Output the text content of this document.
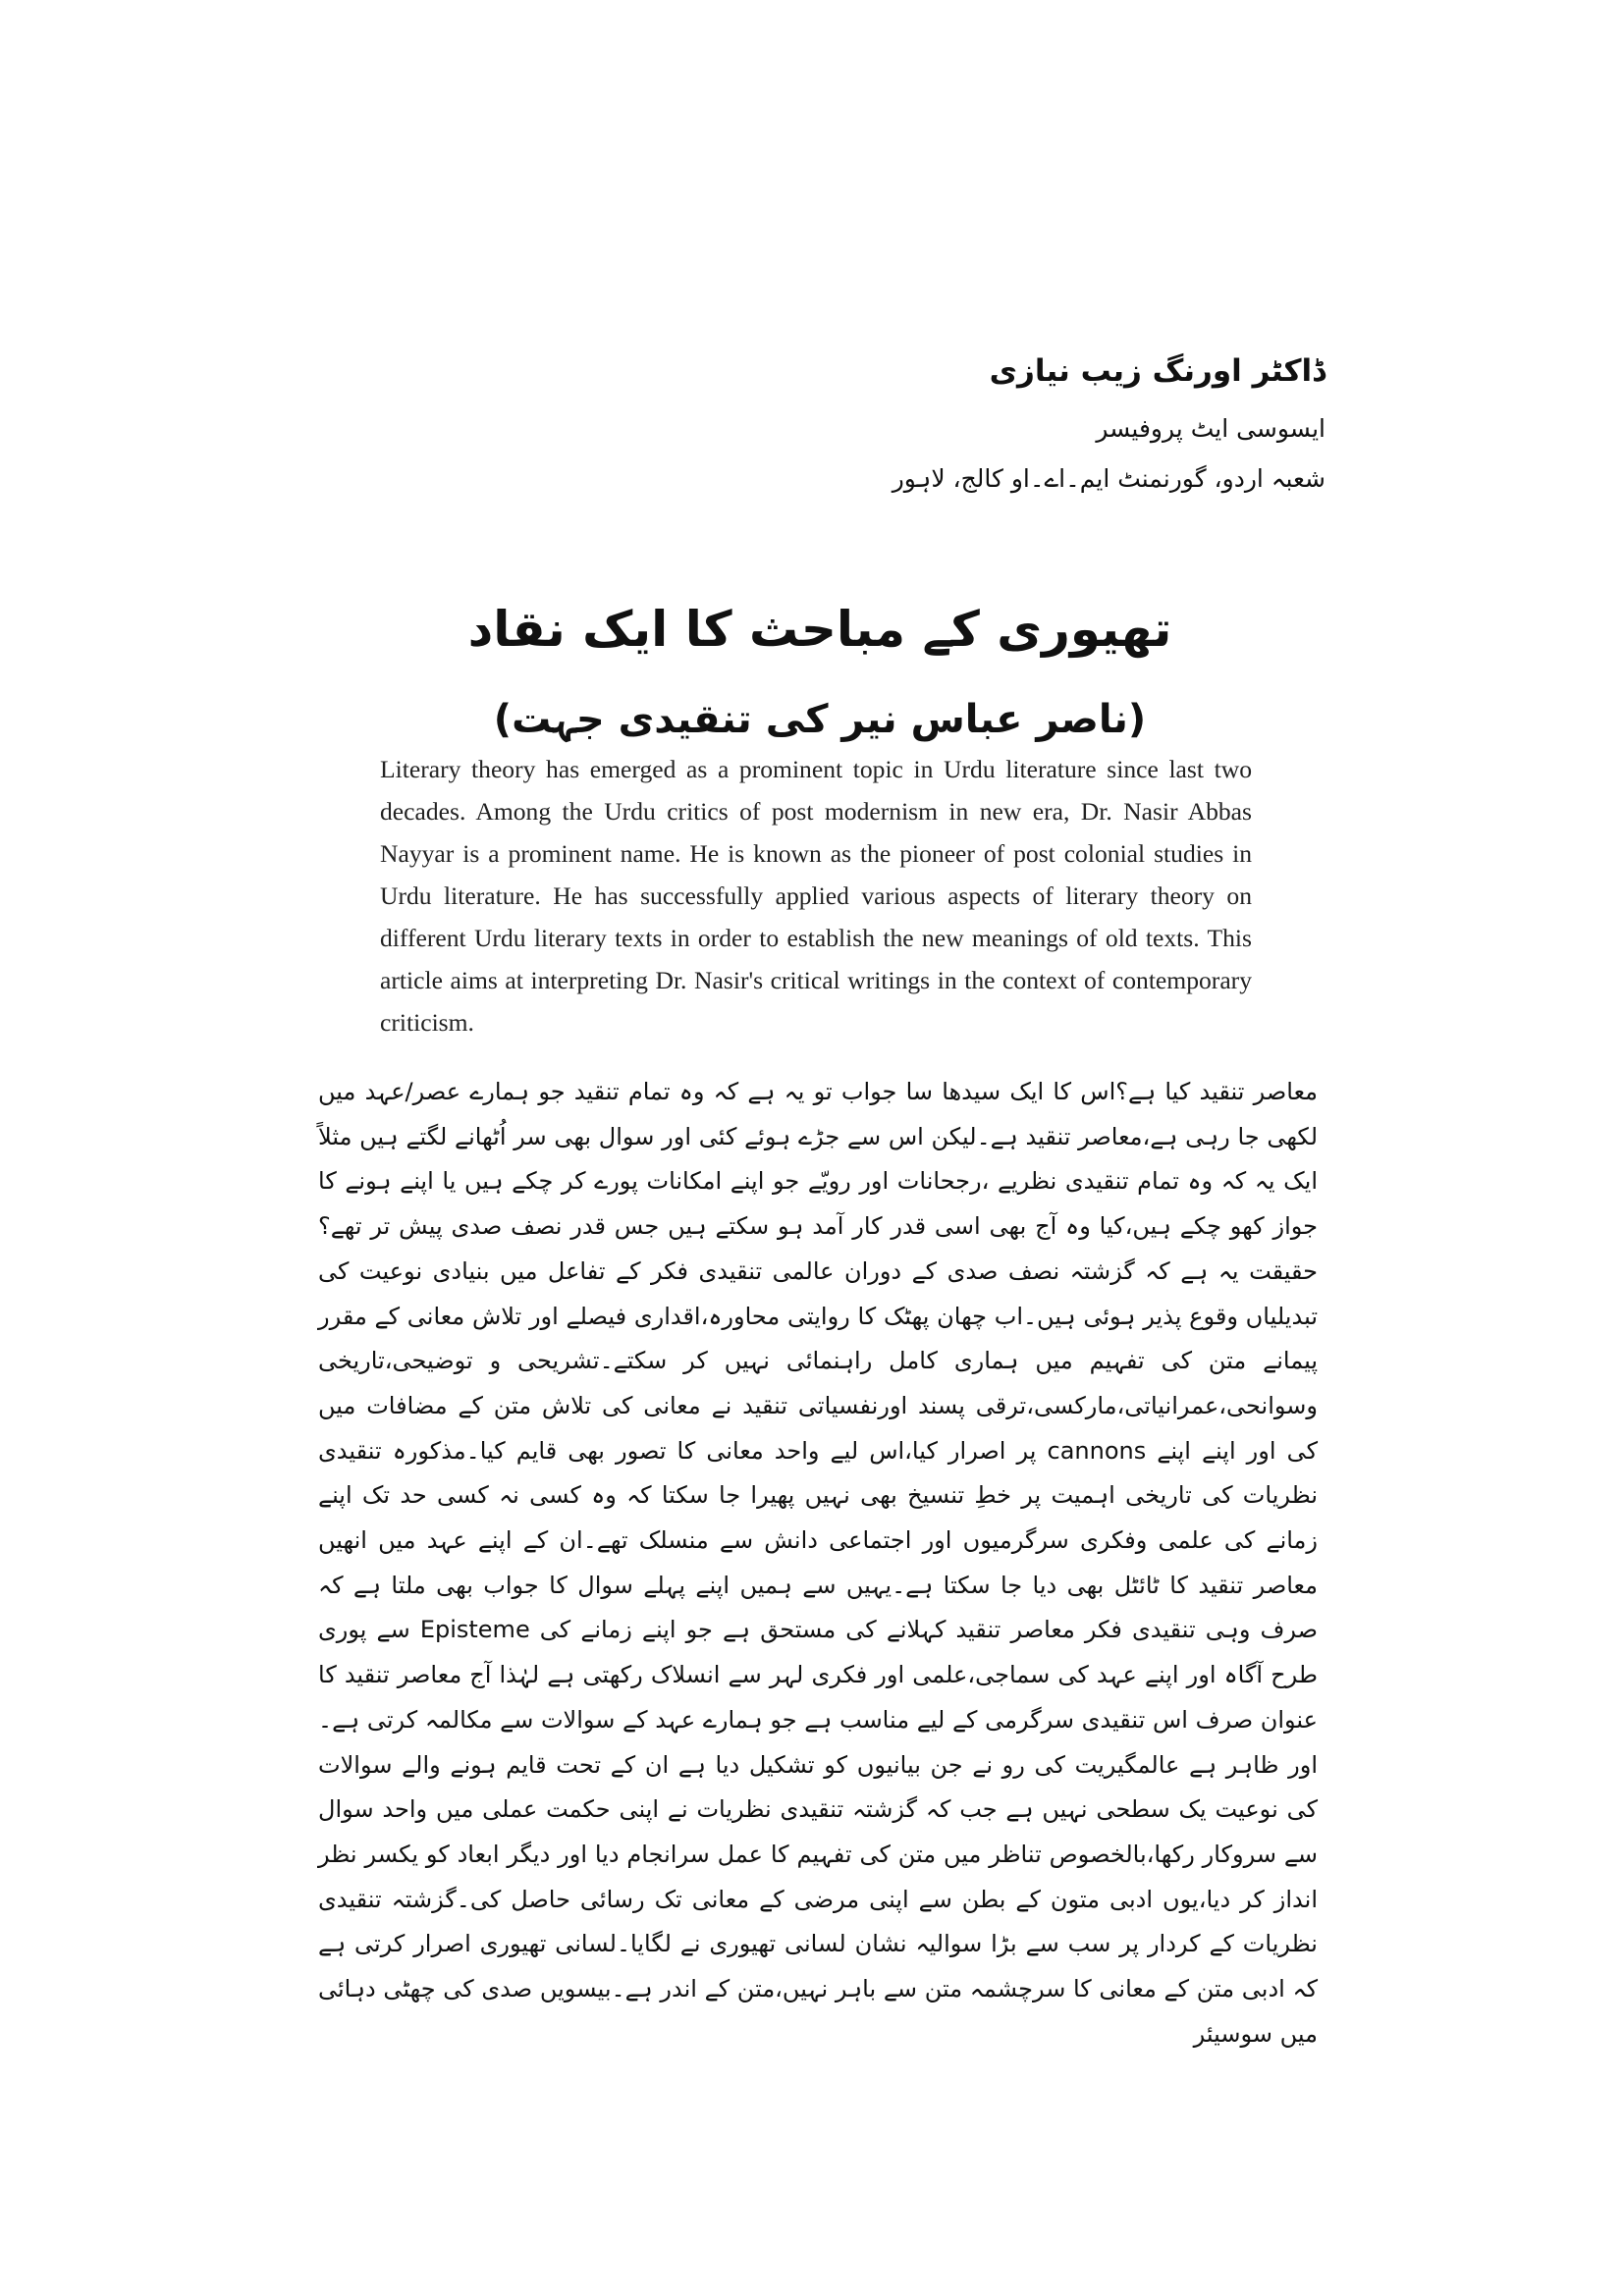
ڈاکٹر اورنگ زیب نیازی

ایسوسی ایٹ پروفیسر

شعبہ اردو، گورنمنٹ ایم۔اے۔او کالج، لاہور

تھیوری کے مباحث کا ایک نقاد
(ناصر عباس نیر کی تنقیدی جہت)

Literary theory has emerged as a prominent topic in Urdu literature since last two decades. Among the Urdu critics of post modernism in new era, Dr. Nasir Abbas Nayyar is a prominent name. He is known as the pioneer of post colonial studies in Urdu literature. He has successfully applied various aspects of literary theory on different Urdu literary texts in order to establish the new meanings of old texts. This article aims at interpreting Dr. Nasir's critical writings in the context of contemporary criticism.

معاصر تنقید کیا ہے؟اس کا ایک سیدھا سا جواب تو یہ ہے کہ وہ تمام تنقید جو ہمارے عصر/عہد میں لکھی جا رہی ہے،معاصر تنقید ہے۔لیکن اس سے جڑے ہوئے کئی اور سوال بھی سر اُٹھانے لگتے ہیں مثلاً ایک یہ کہ وہ تمام تنقیدی نظریے ،رجحانات اور رویّے جو اپنے امکانات پورے کر چکے ہیں یا اپنے ہونے کا جواز کھو چکے ہیں،کیا وہ آج بھی اسی قدر کار آمد ہو سکتے ہیں جس قدر نصف صدی پیش تر تھے؟حقیقت یہ ہے کہ گزشتہ نصف صدی کے دوران عالمی تنقیدی فکر کے تفاعل میں بنیادی نوعیت کی تبدیلیاں وقوع پذیر ہوئی ہیں۔اب چھان پھٹک کا روایتی محاورہ،اقداری فیصلے اور تلاش معانی کے مقرر پیمانے متن کی تفہیم میں ہماری کامل راہنمائی نہیں کر سکتے۔تشریحی و توضیحی،تاریخی وسوانحی،عمرانیاتی،مارکسی،ترقی پسند اورنفسیاتی تنقید نے معانی کی تلاش متن کے مضافات میں کی اور اپنے اپنے cannons پر اصرار کیا،اس لیے واحد معانی کا تصور بھی قایم کیا۔مذکورہ تنقیدی نظریات کی تاریخی اہمیت پر خطِ تنسیخ بھی نہیں پھیرا جا سکتا کہ وہ کسی نہ کسی حد تک اپنے زمانے کی علمی وفکری سرگرمیوں اور اجتماعی دانش سے منسلک تھے۔ان کے اپنے عہد میں انھیں معاصر تنقید کا ٹائٹل بھی دیا جا سکتا ہے۔یہیں سے ہمیں اپنے پہلے سوال کا جواب بھی ملتا ہے کہ صرف وہی تنقیدی فکر معاصر تنقید کہلانے کی مستحق ہے جو اپنے زمانے کی Episteme سے پوری طرح آگاہ اور اپنے عہد کی سماجی،علمی اور فکری لہر سے انسلاک رکھتی ہے لہٰذا آج معاصر تنقید کا عنوان صرف اس تنقیدی سرگرمی کے لیے مناسب ہے جو ہمارے عہد کے سوالات سے مکالمہ کرتی ہے۔اور ظاہر ہے عالمگیریت کی رو نے جن بیانیوں کو تشکیل دیا ہے ان کے تحت قایم ہونے والے سوالات کی نوعیت یک سطحی نہیں ہے جب کہ گزشتہ تنقیدی نظریات نے اپنی حکمت عملی میں واحد سوال سے سروکار رکھا،بالخصوص تناظر میں متن کی تفہیم کا عمل سرانجام دیا اور دیگر ابعاد کو یکسر نظر انداز کر دیا،یوں ادبی متون کے بطن سے اپنی مرضی کے معانی تک رسائی حاصل کی۔گزشتہ تنقیدی نظریات کے کردار پر سب سے بڑا سوالیہ نشان لسانی تھیوری نے لگایا۔لسانی تھیوری اصرار کرتی ہے کہ ادبی متن کے معانی کا سرچشمہ متن سے باہر نہیں،متن کے اندر ہے۔بیسویں صدی کی چھٹی دہائی میں سوسیئر
